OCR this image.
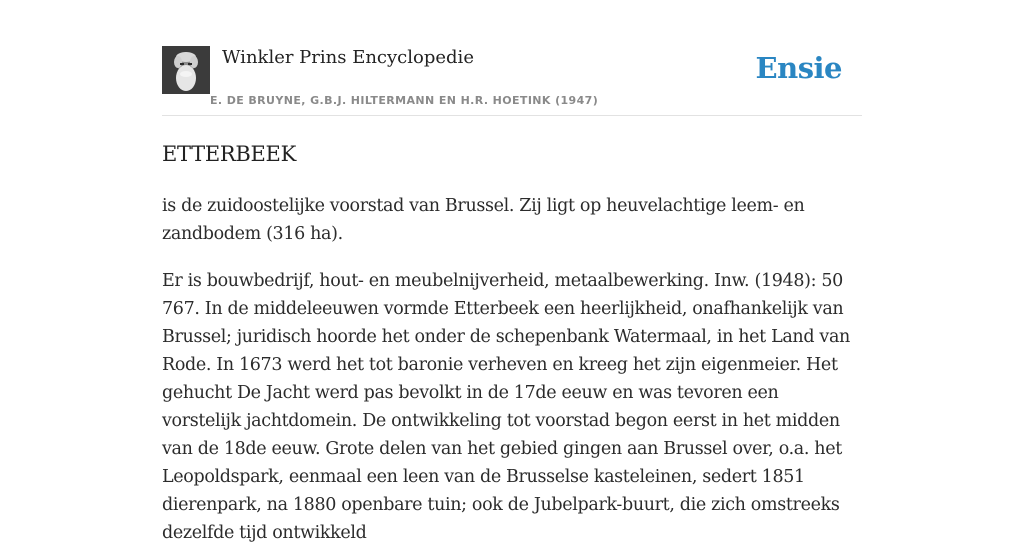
Winkler Prins Encyclopedie
E. DE BRUYNE, G.B.J. HILTERMANN EN H.R. HOETINK (1947)
Ensie
ETTERBEEK

is de zuidoostelijke voorstad van Brussel. Zij ligt op heuvelachtige leem- en zandbodem (316 ha).

Er is bouwbedrijf, hout- en meubelnijverheid, metaalbewerking. Inw. (1948): 50 767. In de middeleeuwen vormde Etterbeek een heerlijkheid, onafhankelijk van Brussel; juridisch hoorde het onder de schepenbank Watermaal, in het Land van Rode. In 1673 werd het tot baronie verheven en kreeg het zijn eigenmeier. Het gehucht De Jacht werd pas bevolkt in de 17de eeuw en was tevoren een vorstelijk jachtdomein. De ontwikkeling tot voorstad begon eerst in het midden van de 18de eeuw. Grote delen van het gebied gingen aan Brussel over, o.a. het Leopoldspark, eenmaal een leen van de Brusselse kasteleinen, sedert 1851 dierenpark, na 1880 openbare tuin; ook de Jubelpark-buurt, die zich omstreeks dezelfde tijd ontwikkeld
